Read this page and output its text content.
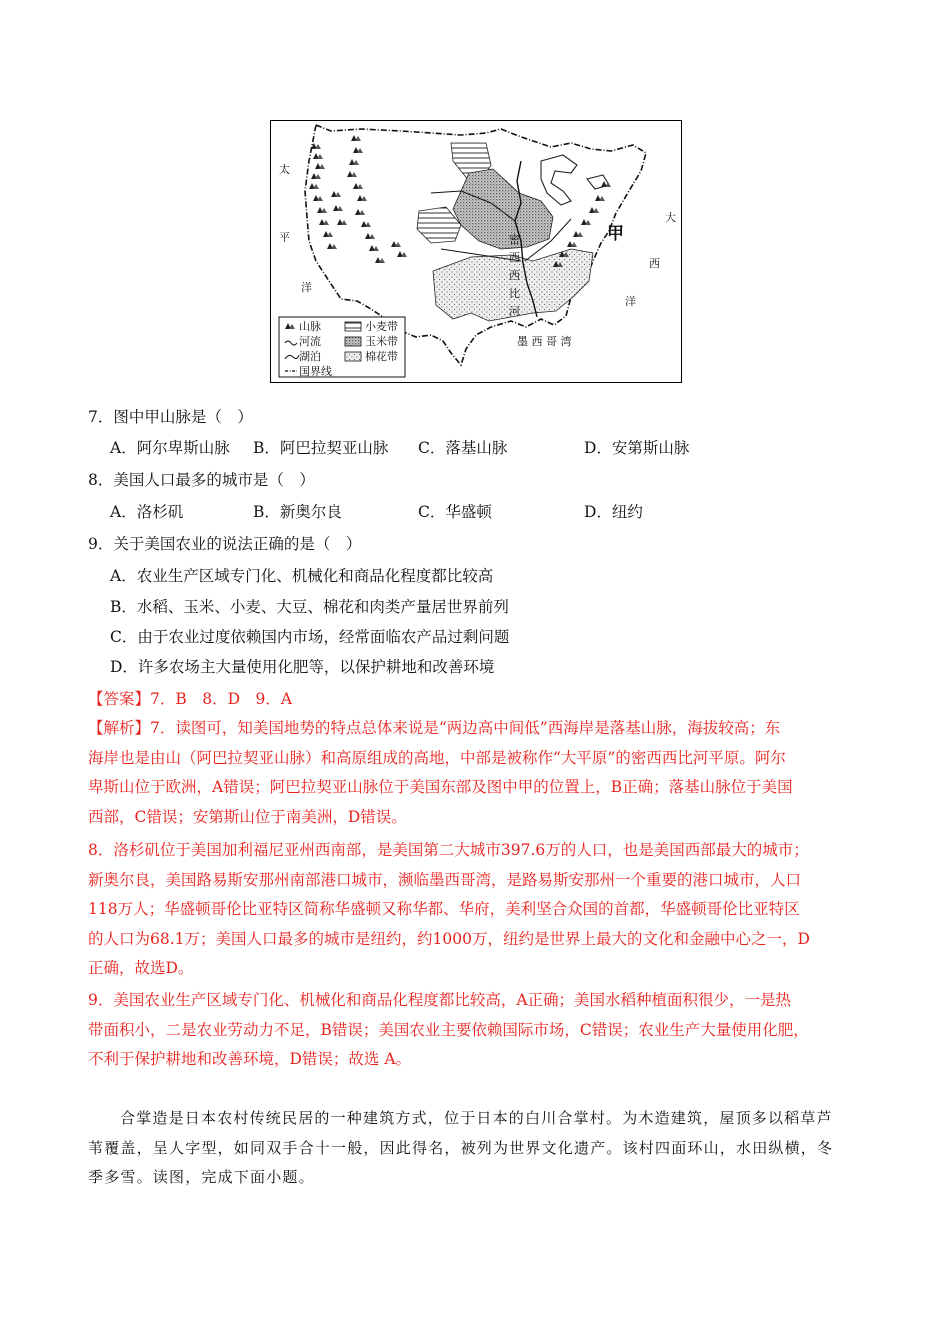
太
平
洋
大
西
洋
密
西
西
比
河
墨 西 哥 湾
甲
山脉
河流
湖泊
国界线
小麦带
玉米带
棉花带
7．图中甲山脉是（　）
A．阿尔卑斯山脉 B．阿巴拉契亚山脉 C．落基山脉	D．安第斯山脉
8．美国人口最多的城市是（　）
A．洛杉矶	B．新奥尔良	C．华盛顿	D．纽约
9．关于美国农业的说法正确的是（　）
A．农业生产区域专门化、机械化和商品化程度都比较高
B．水稻、玉米、小麦、大豆、棉花和肉类产量居世界前列
C．由于农业过度依赖国内市场，经常面临农产品过剩问题
D．许多农场主大量使用化肥等，以保护耕地和改善环境
【答案】7．B　8．D　9．A
【解析】7．读图可，知美国地势的特点总体来说是“两边高中间低”西海岸是落基山脉，海拔较高；东
海岸也是由山（阿巴拉契亚山脉）和高原组成的高地，中部是被称作“大平原”的密西西比河平原。阿尔
卑斯山位于欧洲，A错误；阿巴拉契亚山脉位于美国东部及图中甲的位置上，B正确；落基山脉位于美国
西部，C错误；安第斯山位于南美洲，D错误。
8．洛杉矶位于美国加利福尼亚州西南部，是美国第二大城市397.6万的人口，也是美国西部最大的城市；
新奥尔良，美国路易斯安那州南部港口城市，濒临墨西哥湾，是路易斯安那州一个重要的港口城市，人口
118万人；华盛顿哥伦比亚特区简称华盛顿又称华都、华府，美利坚合众国的首都，华盛顿哥伦比亚特区
的人口为68.1万；美国人口最多的城市是纽约，约1000万，纽约是世界上最大的文化和金融中心之一，D
正确，故选D。
9．美国农业生产区域专门化、机械化和商品化程度都比较高，A正确；美国水稻种植面积很少，一是热
带面积小，二是农业劳动力不足，B错误；美国农业主要依赖国际市场，C错误；农业生产大量使用化肥，
不利于保护耕地和改善环境，D错误；故选 A。
合掌造是日本农村传统民居的一种建筑方式，位于日本的白川合掌村。为木造建筑，屋顶多以稻草芦
苇覆盖，呈人字型，如同双手合十一般，因此得名，被列为世界文化遗产。该村四面环山，水田纵横，冬
季多雪。读图，完成下面小题。
